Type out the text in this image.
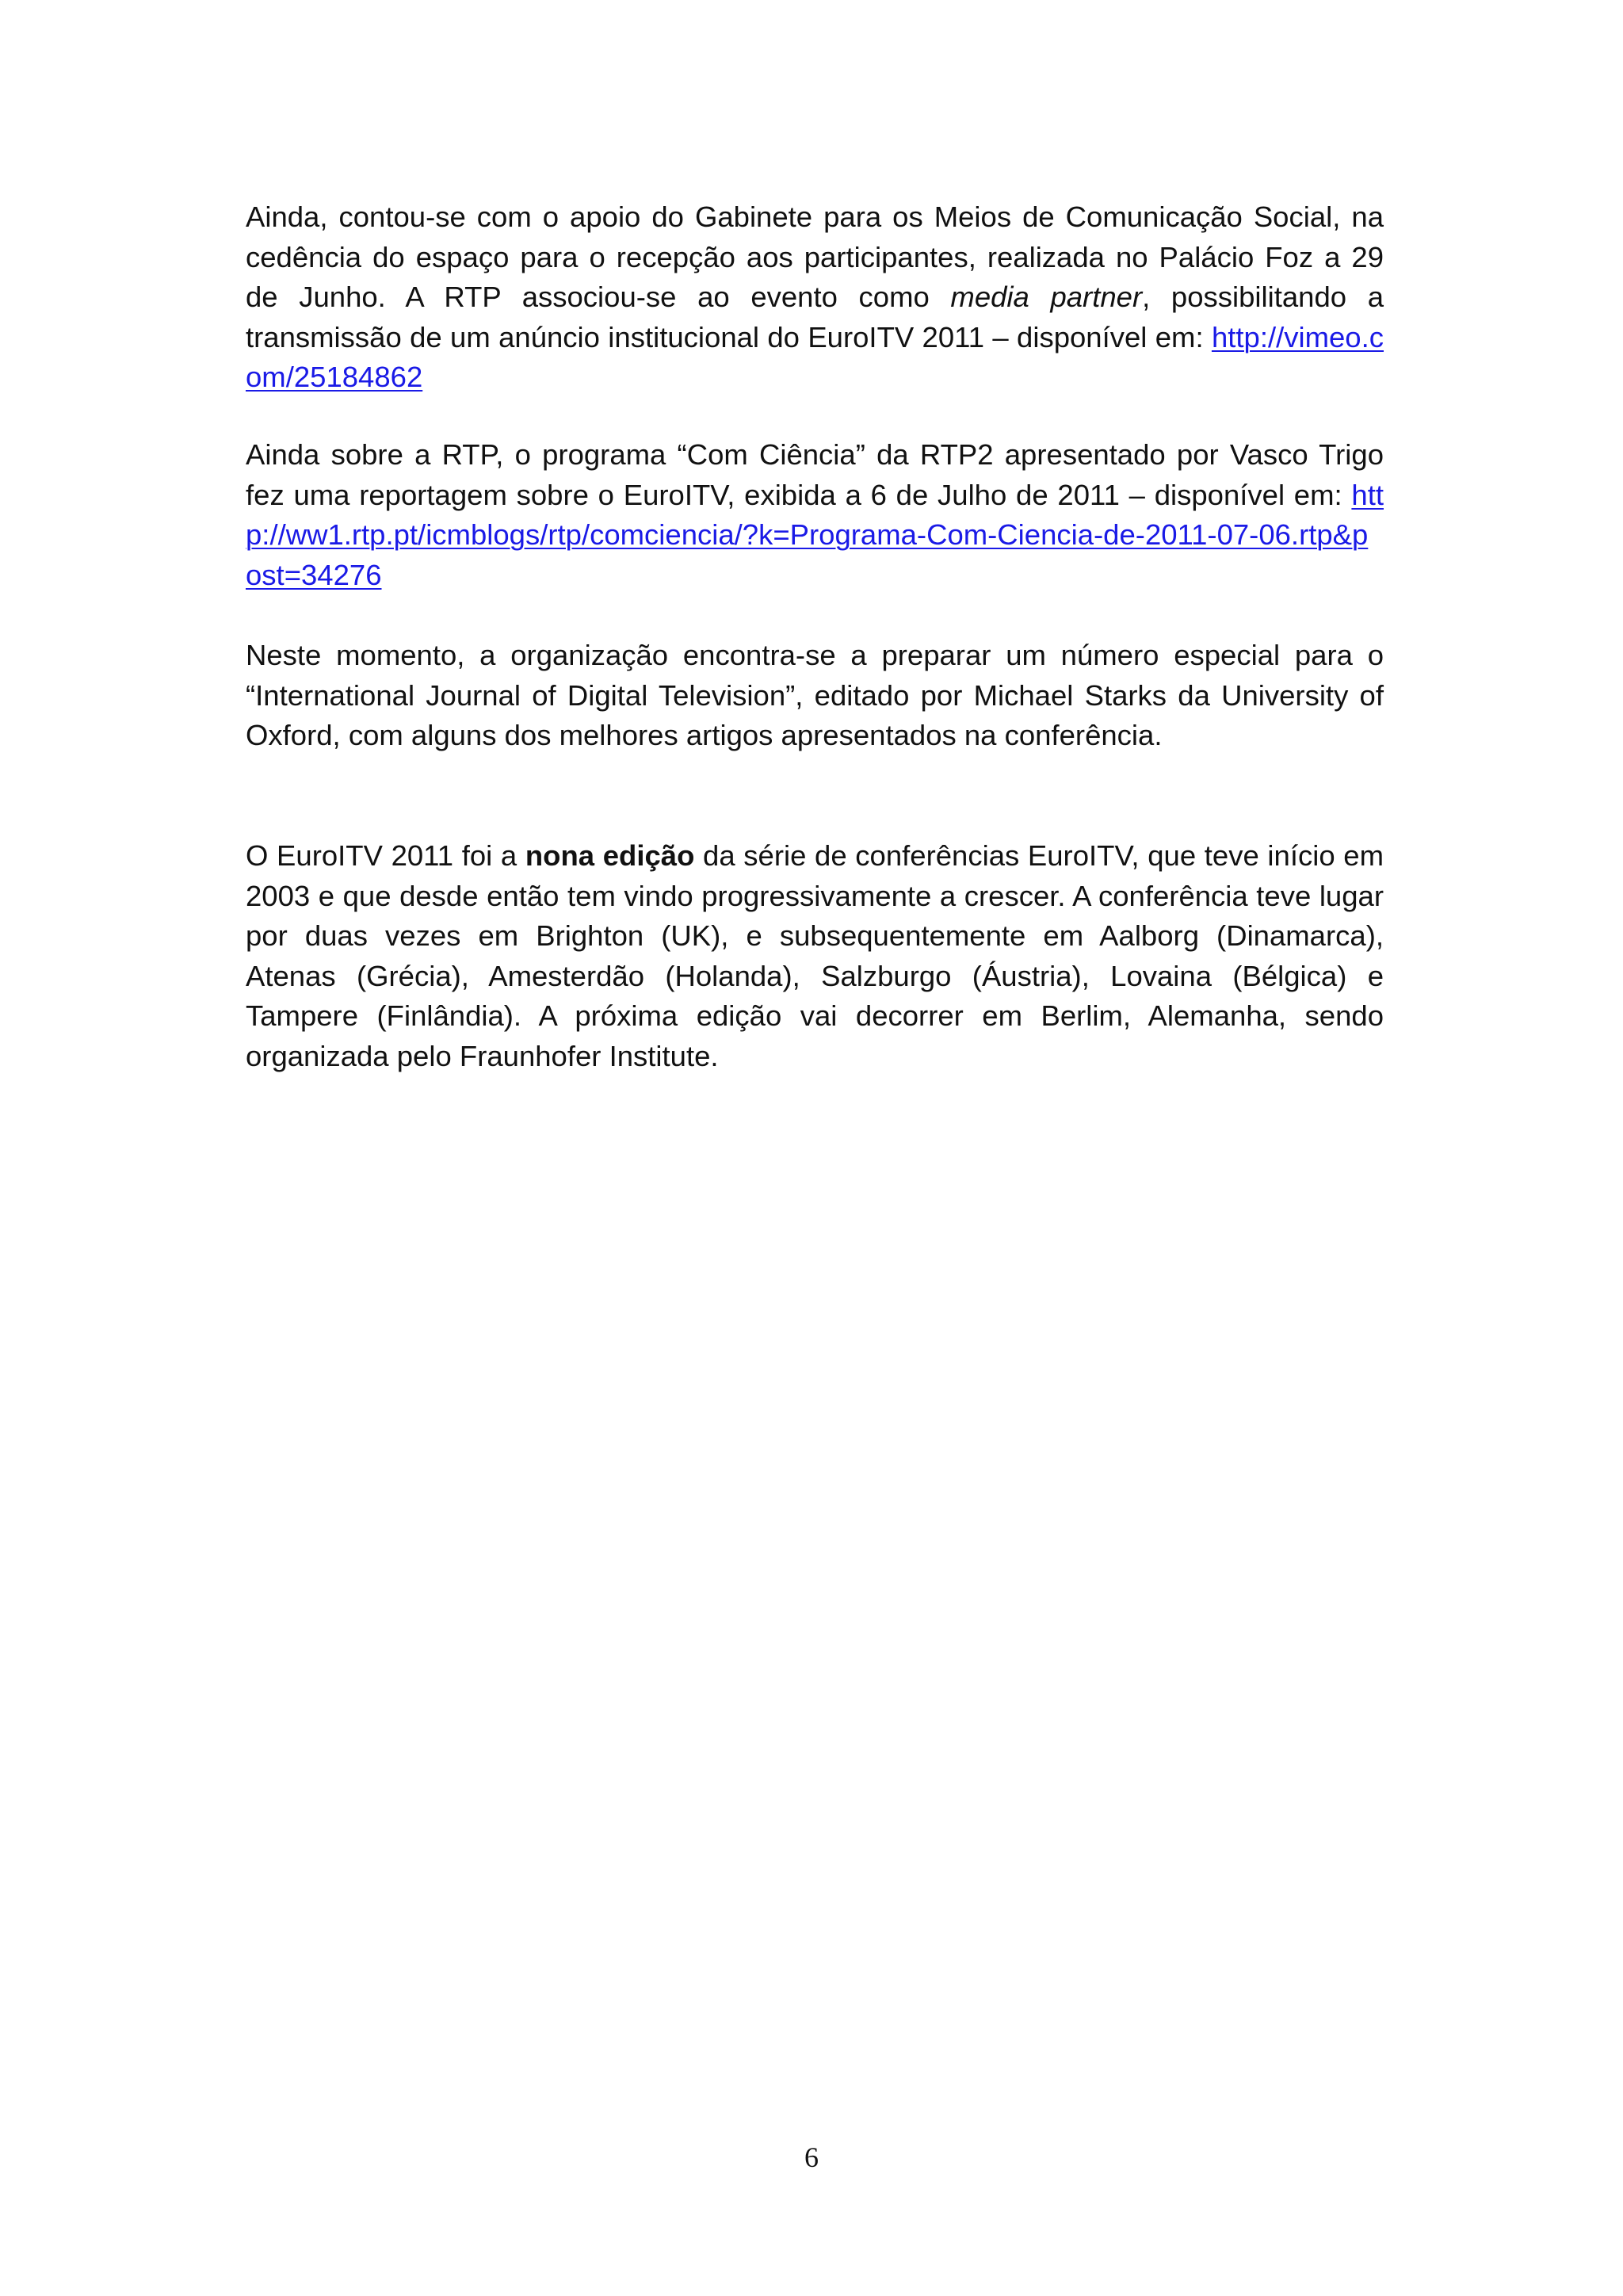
Ainda, contou-se com o apoio do Gabinete para os Meios de Comunicação Social, na cedência do espaço para o recepção aos participantes, realizada no Palácio Foz a 29 de Junho. A RTP associou-se ao evento como media partner, possibilitando a transmissão de um anúncio institucional do EuroITV 2011 – disponível em: http://vimeo.com/25184862

Ainda sobre a RTP, o programa “Com Ciência” da RTP2 apresentado por Vasco Trigo fez uma reportagem sobre o EuroITV, exibida a 6 de Julho de 2011 – disponível em: http://ww1.rtp.pt/icmblogs/rtp/comciencia/?k=Programa-Com-Ciencia-de-2011-07-06.rtp&post=34276

Neste momento, a organização encontra-se a preparar um número especial para o “International Journal of Digital Television”, editado por Michael Starks da University of Oxford, com alguns dos melhores artigos apresentados na conferência.

O EuroITV 2011 foi a nona edição da série de conferências EuroITV, que teve início em 2003 e que desde então tem vindo progressivamente a crescer. A conferência teve lugar por duas vezes em Brighton (UK), e subsequentemente em Aalborg (Dinamarca), Atenas (Grécia), Amesterdão (Holanda), Salzburgo (Áustria), Lovaina (Bélgica) e Tampere (Finlândia). A próxima edição vai decorrer em Berlim, Alemanha, sendo organizada pelo Fraunhofer Institute.

6
